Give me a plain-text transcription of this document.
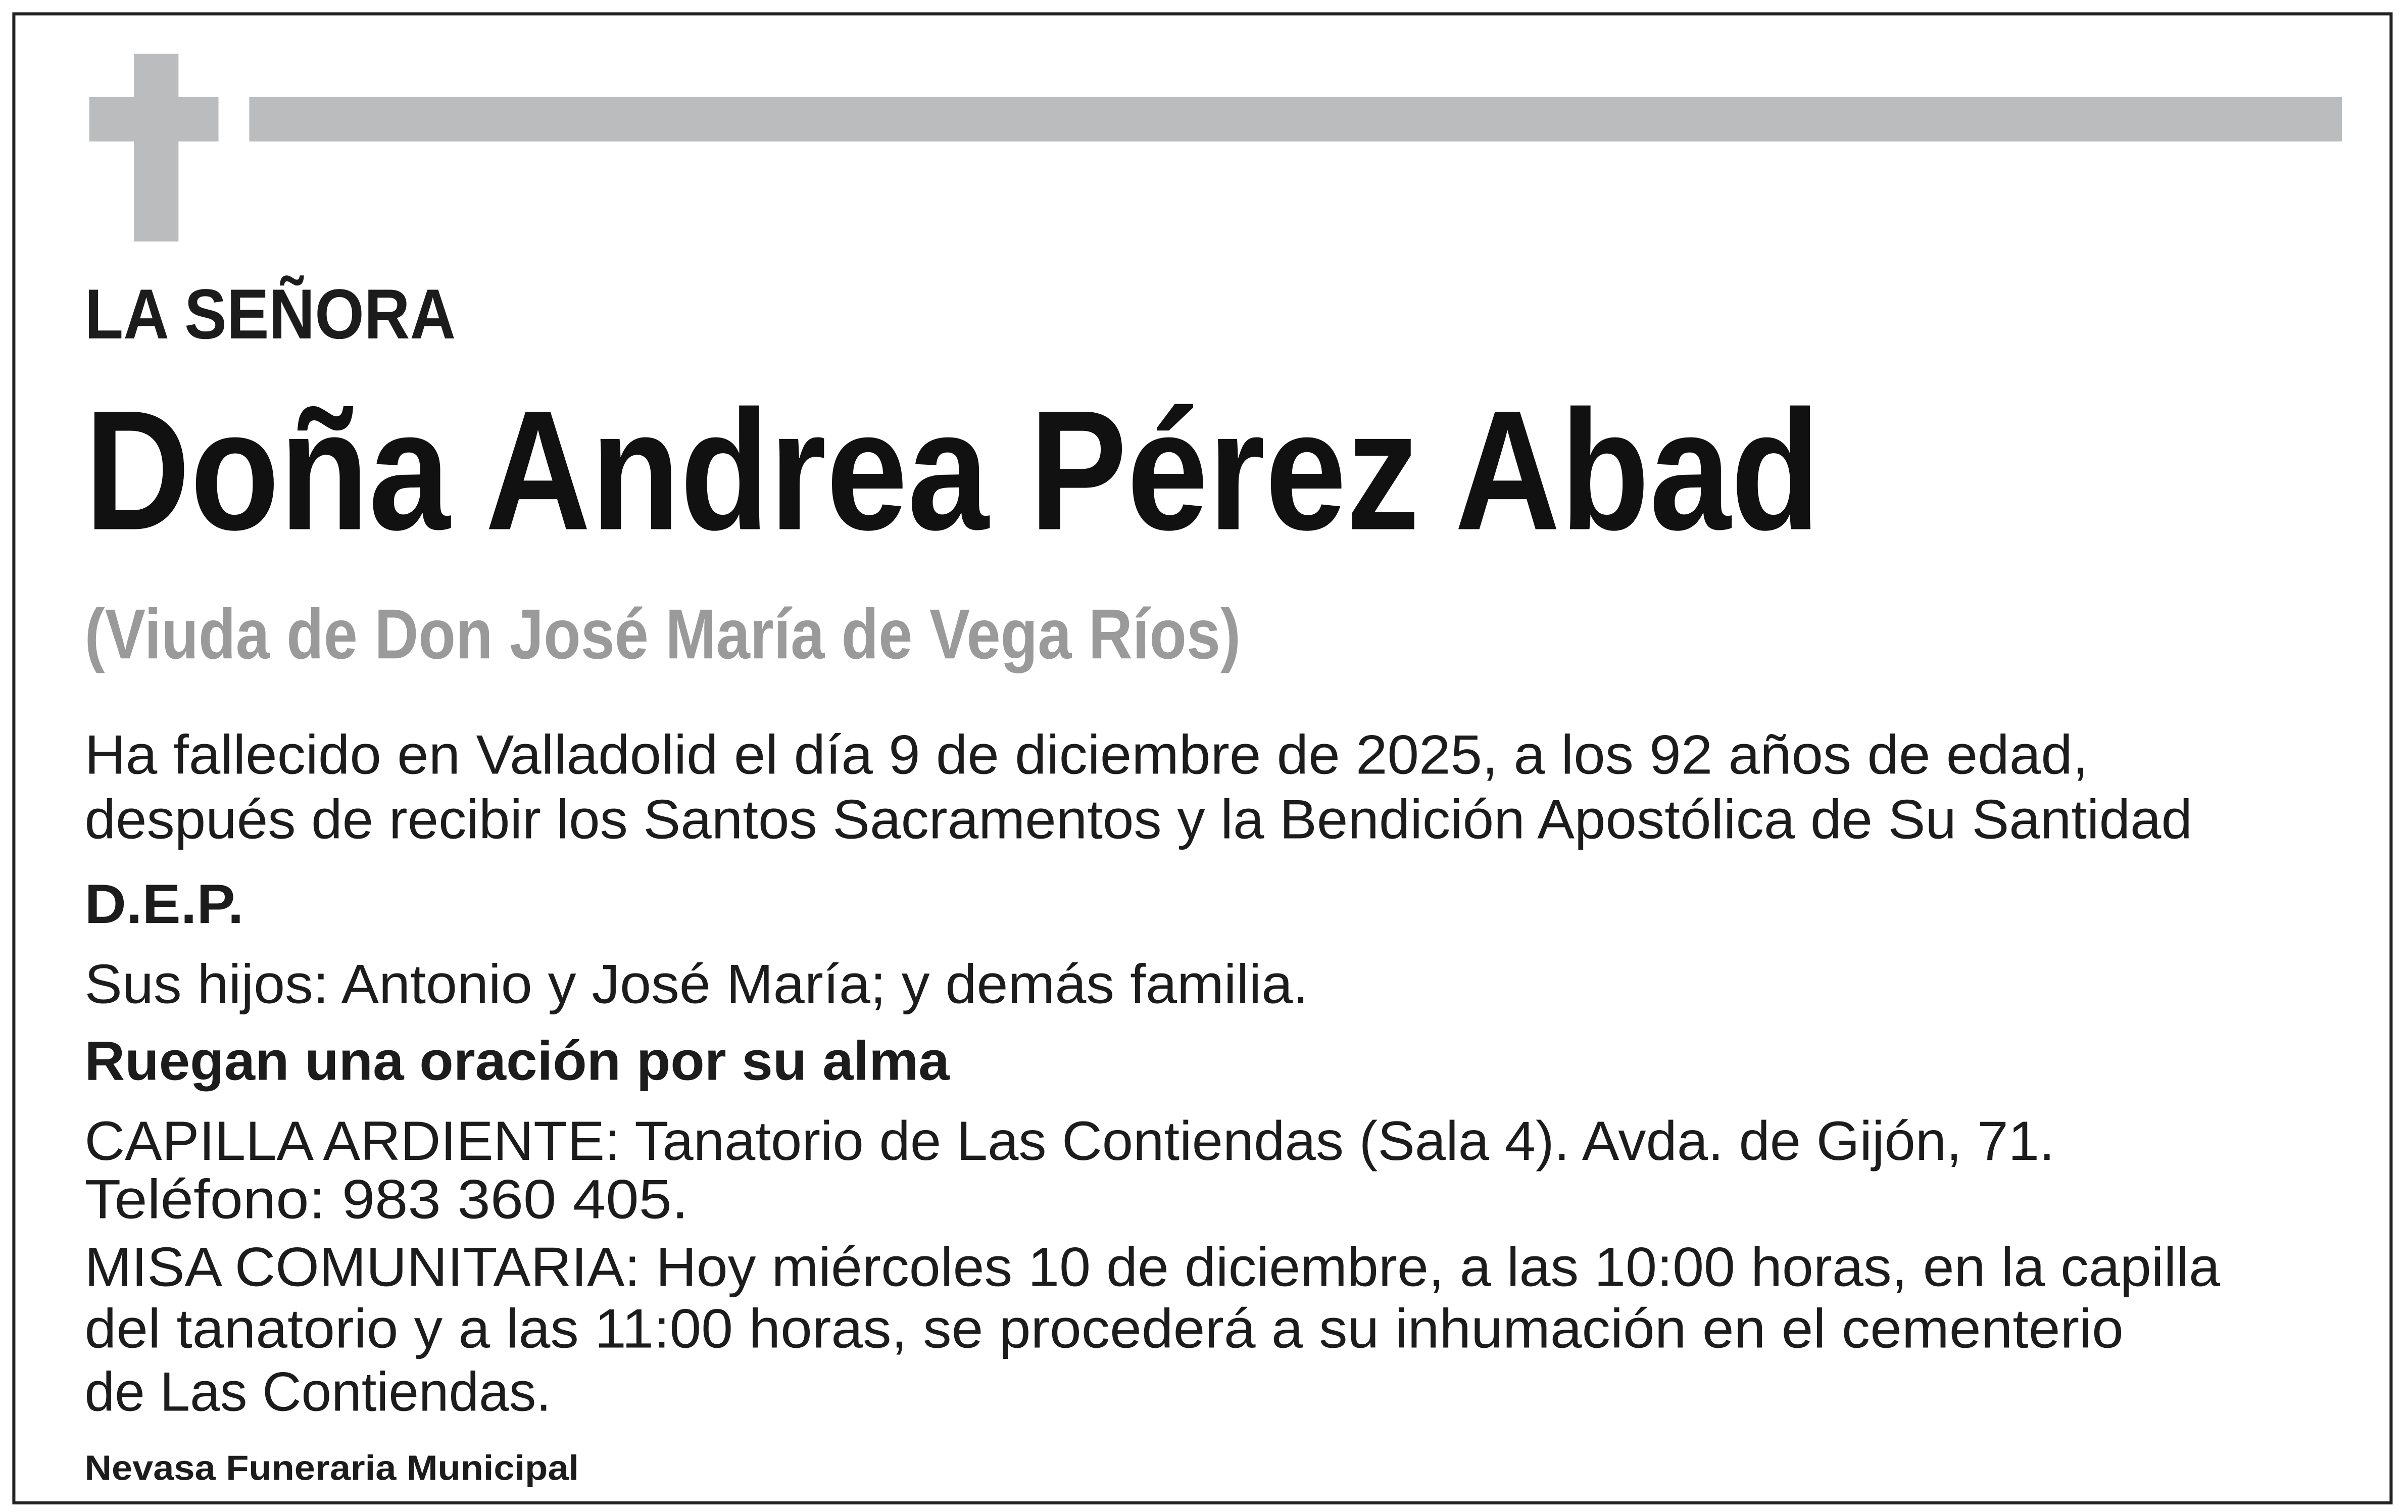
LA SEÑORA
Doña Andrea Pérez Abad
(Viuda de Don José María de Vega Ríos)
Ha fallecido en Valladolid el día 9 de diciembre de 2025, a los 92 años de edad,
después de recibir los Santos Sacramentos y la Bendición Apostólica de Su Santidad
D.E.P.
Sus hijos: Antonio y José María; y demás familia.
Ruegan una oración por su alma
CAPILLA ARDIENTE: Tanatorio de Las Contiendas (Sala 4). Avda. de Gijón, 71.
Teléfono: 983 360 405.
MISA COMUNITARIA: Hoy miércoles 10 de diciembre, a las 10:00 horas, en la capilla
del tanatorio y a las 11:00 horas, se procederá a su inhumación en el cementerio
de Las Contiendas.
Nevasa Funeraria Municipal
